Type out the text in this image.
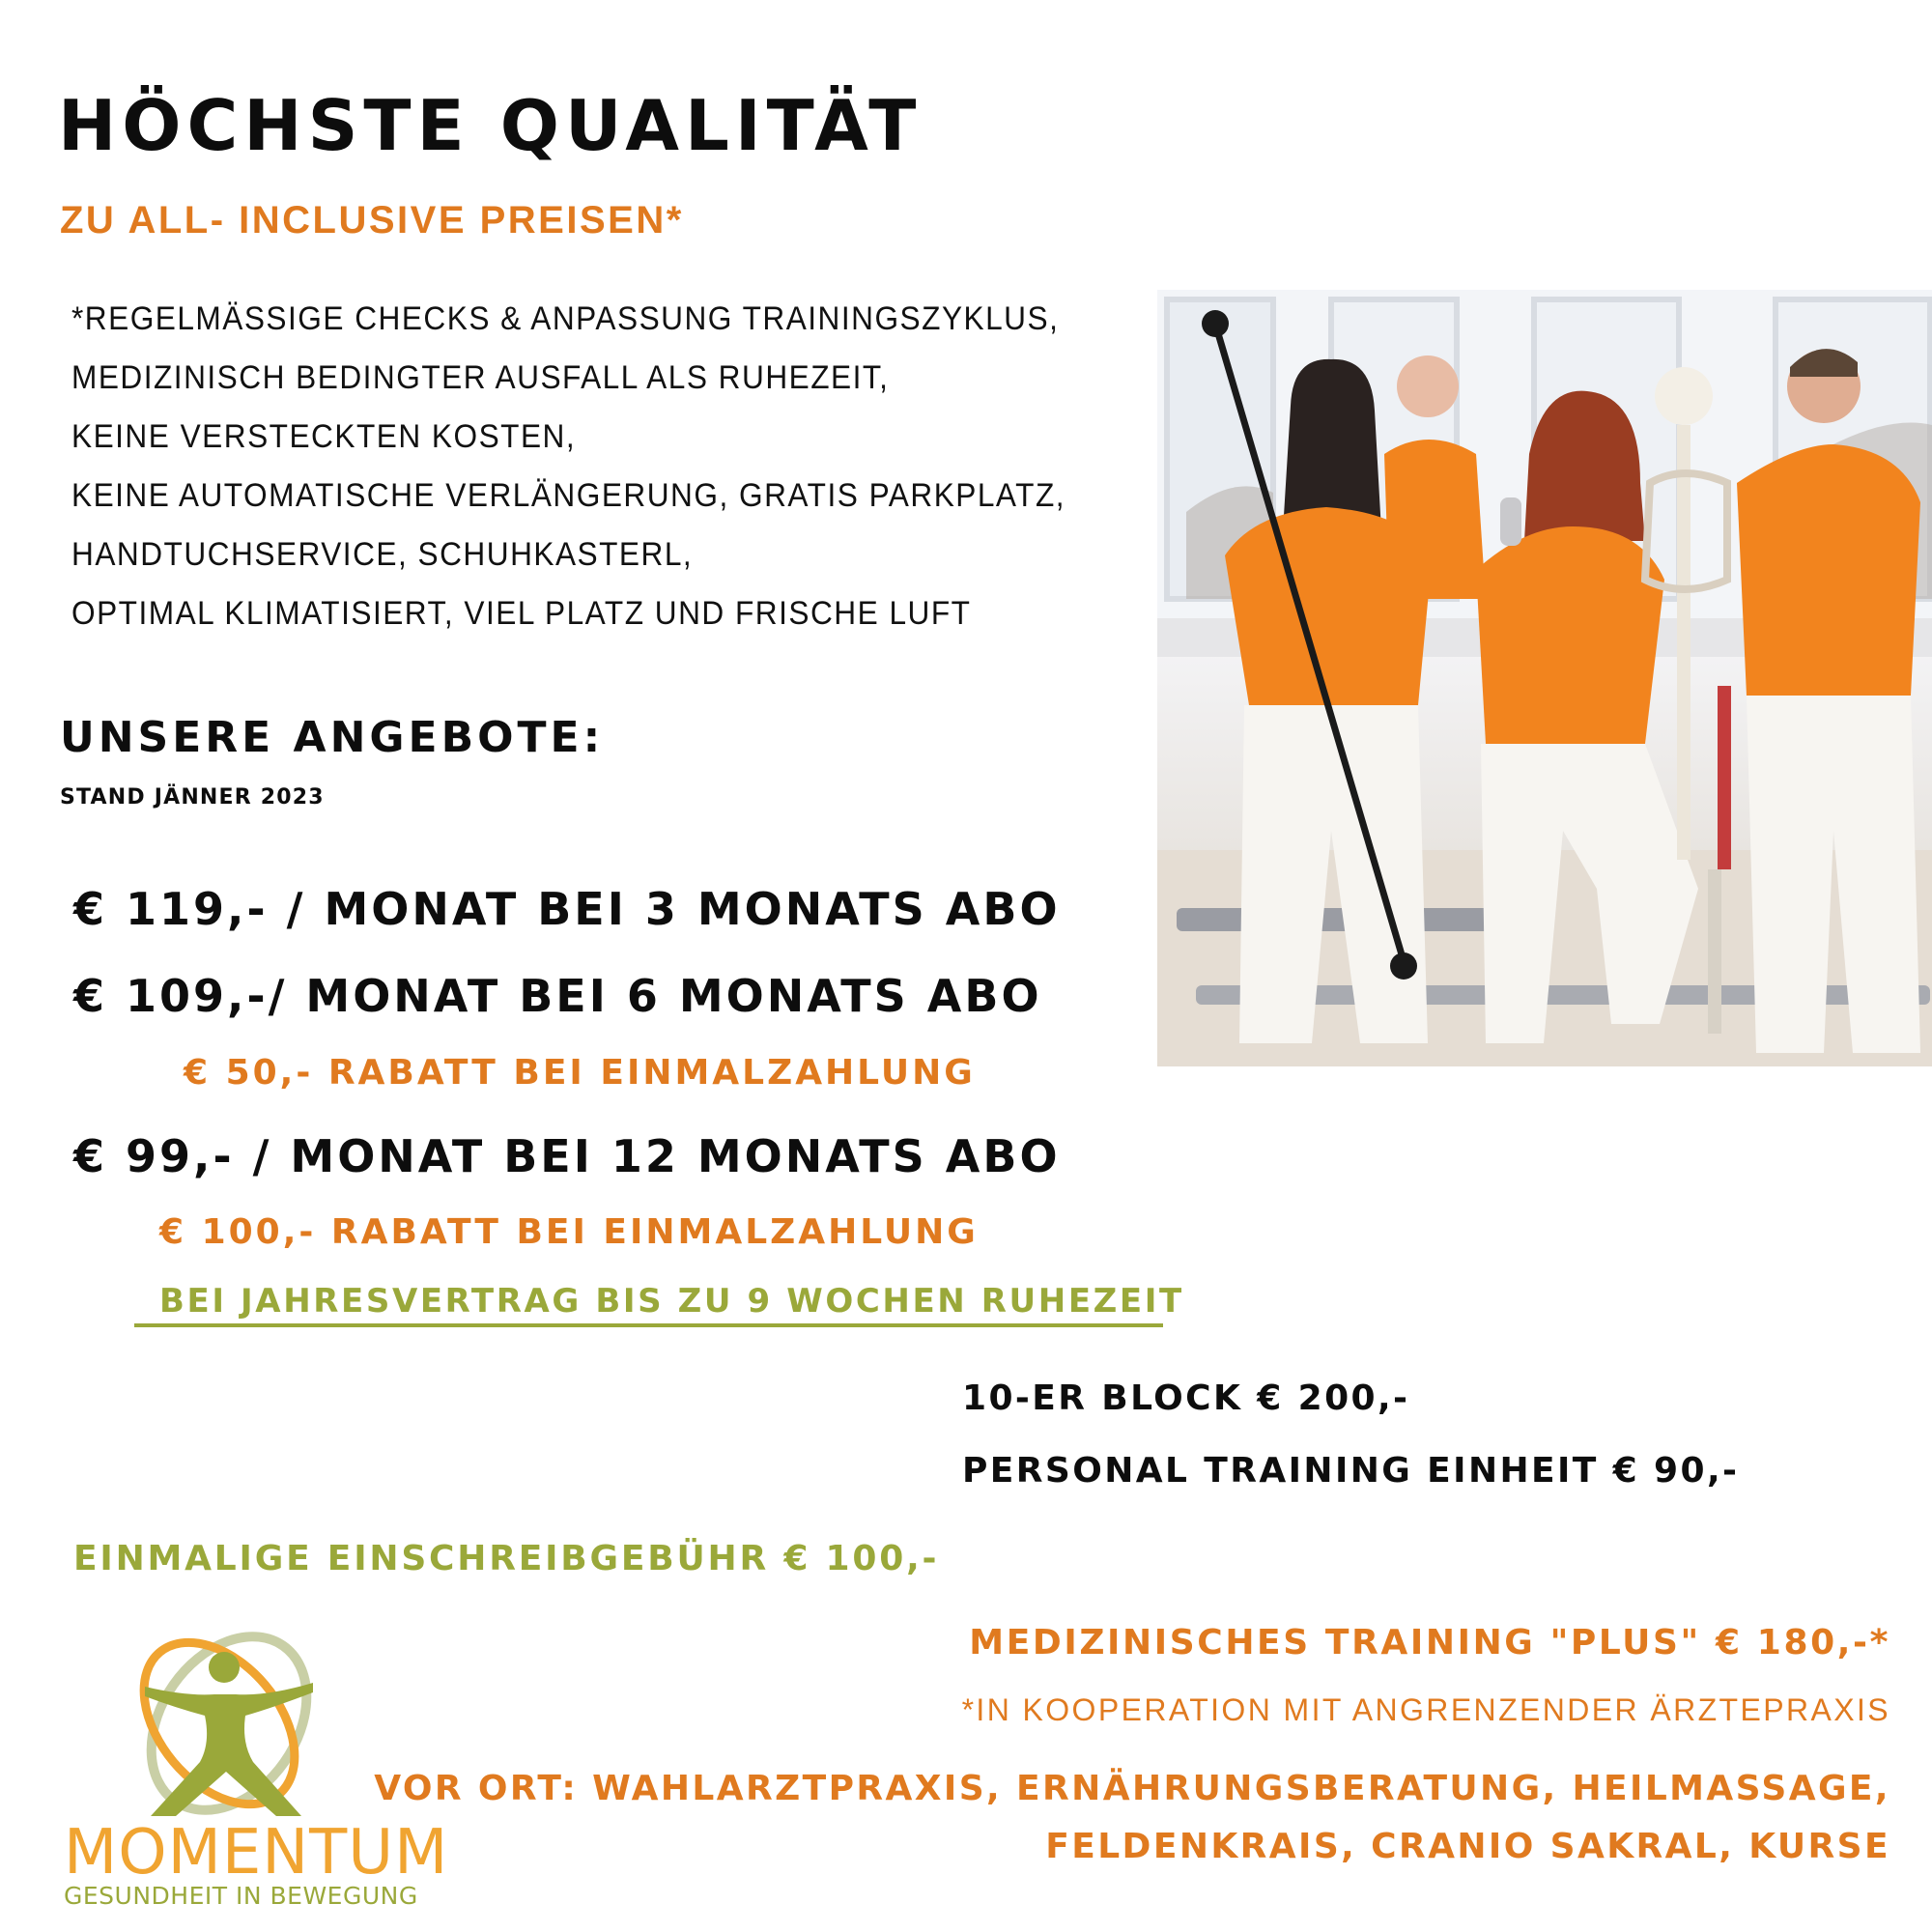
HÖCHSTE QUALITÄT
ZU ALL- INCLUSIVE PREISEN*
*REGELMÄSSIGE CHECKS & ANPASSUNG TRAININGSZYKLUS,
MEDIZINISCH BEDINGTER AUSFALL ALS RUHEZEIT,
KEINE VERSTECKTEN KOSTEN,
KEINE AUTOMATISCHE VERLÄNGERUNG, GRATIS PARKPLATZ,
HANDTUCHSERVICE, SCHUHKASTERL,
OPTIMAL KLIMATISIERT, VIEL PLATZ UND FRISCHE LUFT
UNSERE ANGEBOTE:
STAND JÄNNER 2023
€ 119,- / MONAT BEI 3 MONATS ABO
€ 109,-/ MONAT BEI 6 MONATS ABO
€ 50,- RABATT BEI EINMALZAHLUNG
€ 99,- / MONAT BEI 12 MONATS ABO
€ 100,- RABATT BEI EINMALZAHLUNG
BEI JAHRESVERTRAG BIS ZU 9 WOCHEN RUHEZEIT
10-ER BLOCK € 200,-
PERSONAL TRAINING EINHEIT € 90,-
EINMALIGE EINSCHREIBGEBÜHR € 100,-
MEDIZINISCHES TRAINING "PLUS" € 180,-*
*IN KOOPERATION MIT ANGRENZENDER ÄRZTEPRAXIS
VOR ORT: WAHLARZTPRAXIS, ERNÄHRUNGSBERATUNG, HEILMASSAGE,
FELDENKRAIS, CRANIO SAKRAL, KURSE
MOMENTUM
GESUNDHEIT IN BEWEGUNG
